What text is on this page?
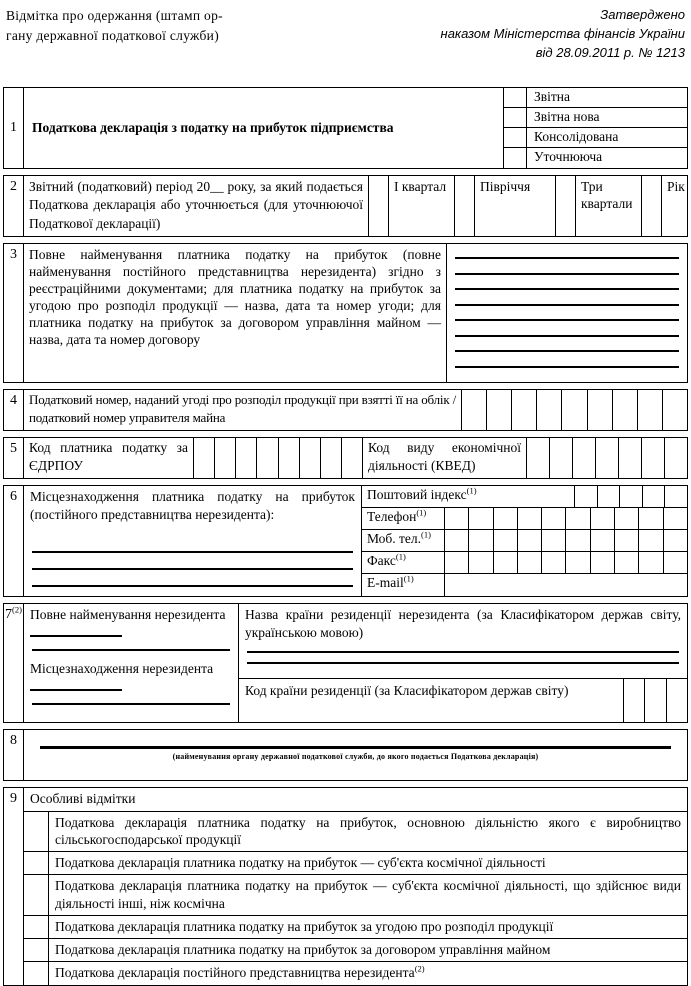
Відмітка про одержання (штамп ор-
гану державної податкової служби)
Затверджено
наказом Міністерства фінансів України
від 28.09.2011 р. № 1213
1	Податкова декларація з податку на прибуток підприємства
Звітна
Звітна нова
Консолідована
Уточнююча
2 Звітний (податковий) період 20__ року, за який подається Податкова декларація або уточнюється (для уточнюючої Податкової декларації)
І квартал	Півріччя	Три квартали
Рік
3 Повне найменування платника податку на прибуток (повне найменування постійного представництва нерезидента) згідно з реєстраційними документами; для платника податку на прибуток за угодою про розподіл продукції — назва, дата та номер угоди; для платника податку на прибуток за договором управління майном — назва, дата та номер договору
4 Податковий номер, наданий угоді про розподіл продукції при взятті її на облік / податковий номер управителя майна
5 Код платника податку за ЄДРПОУ
Код виду економічної діяльності (КВЕД)
6 Місцезнаходження платника податку на прибуток (постійного представництва нерезидента):
Поштовий індекс$^{(1)}$
Телефон$^{(1)}$
Моб. тел.$^{(1)}$
Факс$^{(1)}$
E-mail$^{(1)}$
7$^{(2)}$ Повне найменування нерезидента
Місцезнаходження нерезидента
Назва країни резиденції нерезидента (за Класифікатором держав світу, українською мовою)
Код країни резиденції (за Класифікатором держав світу)
8
(найменування органу державної податкової служби, до якого подається Податкова декларація)
9 Особливі відмітки
Податкова декларація платника податку на прибуток, основною діяльністю якого є виробництво сільськогосподарської продукції
Податкова декларація платника податку на прибуток — суб'єкта космічної діяльності
Податкова декларація платника податку на прибуток — суб'єкта космічної діяльності, що здійснює види діяльності інші, ніж космічна
Податкова декларація платника податку на прибуток за угодою про розподіл продукції
Податкова декларація платника податку на прибуток за договором управління майном
Податкова декларація постійного представництва нерезидента$^{(2)}$
